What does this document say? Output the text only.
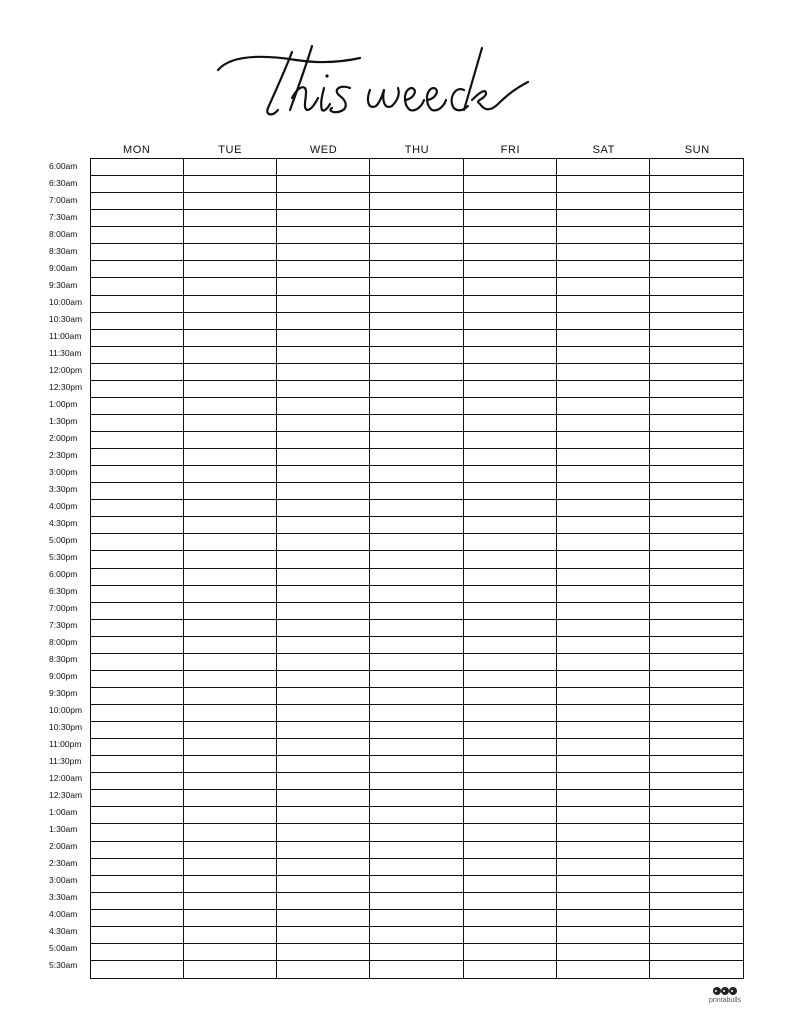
MON	TUE	WED	THU	FRI	SAT	SUN
6:00am
6:30am
7:00am
7:30am
8:00am
8:30am
9:00am
9:30am
10:00am
10:30am
11:00am
11:30am
12:00pm
12:30pm
1:00pm
1:30pm
2:00pm
2:30pm
3:00pm
3:30pm
4:00pm
4:30pm
5:00pm
5:30pm
6:00pm
6:30pm
7:00pm
7:30pm
8:00pm
8:30pm
9:00pm
9:30pm
10:00pm
10:30pm
11:00pm
11:30pm
12:00am
12:30am
1:00am
1:30am
2:00am
2:30am
3:00am
3:30am
4:00am
4:30am
5:00am
5:30am
printabulls
